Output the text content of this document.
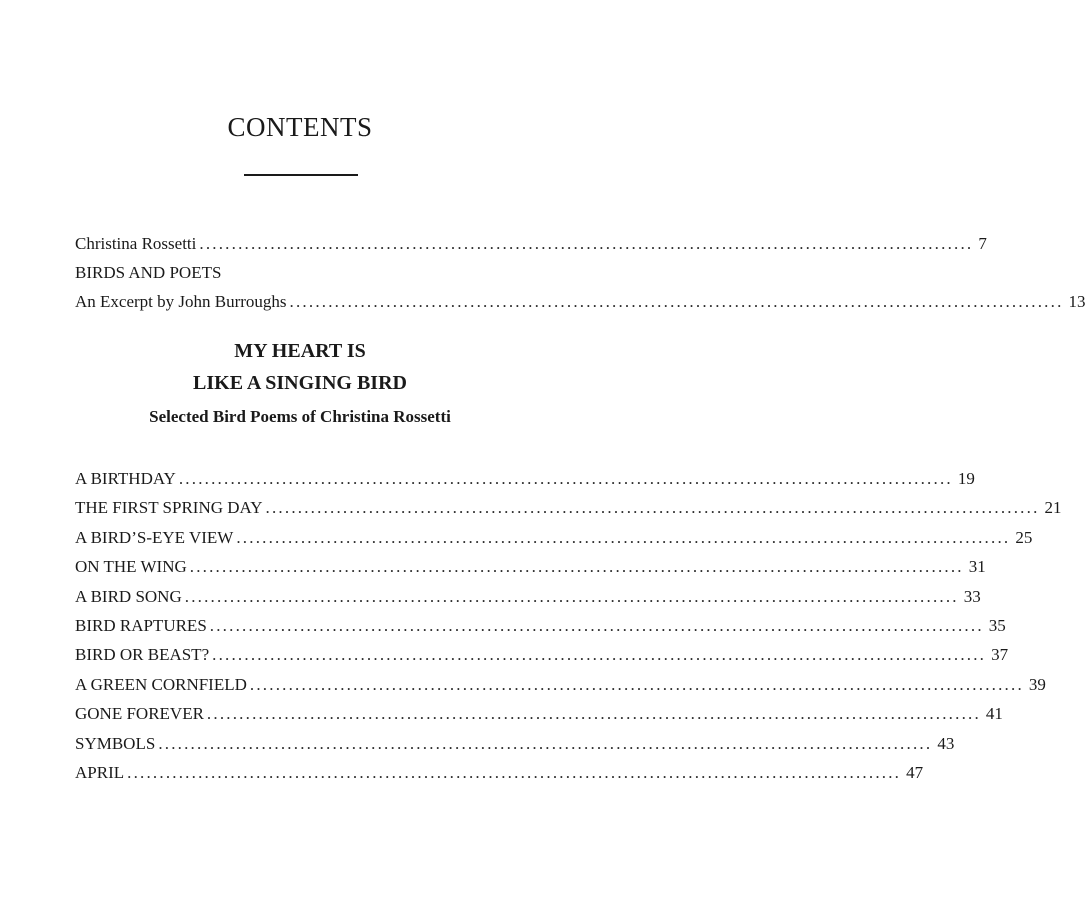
CONTENTS
Christina Rossetti ........................................................................................................................ 7
BIRDS AND POETS
An Excerpt by John Burroughs ........................................................................................................................ 13
MY HEART IS
LIKE A SINGING BIRD
Selected Bird Poems of Christina Rossetti
A BIRTHDAY ........................................................................................................................ 19
THE FIRST SPRING DAY ........................................................................................................................ 21
A BIRD’S-EYE VIEW ........................................................................................................................ 25
ON THE WING ........................................................................................................................ 31
A BIRD SONG ........................................................................................................................ 33
BIRD RAPTURES ........................................................................................................................ 35
BIRD OR BEAST? ........................................................................................................................ 37
A GREEN CORNFIELD ........................................................................................................................ 39
GONE FOREVER ........................................................................................................................ 41
SYMBOLS ........................................................................................................................ 43
APRIL ........................................................................................................................ 47
